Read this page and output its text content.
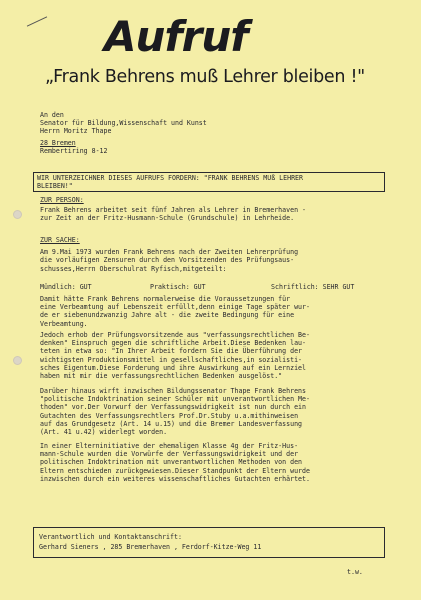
Aufruf
„Frank Behrens muß Lehrer bleiben !"
An den
Senator für Bildung,Wissenschaft und Kunst
Herrn Moritz Thape
28 Bremen
Rembertiring 8-12
WIR UNTERZEICHNER DIESES AUFRUFS FORDERN: "FRANK BEHRENS MUß LEHRER
BLEIBEN!"
ZUR PERSON:
Frank Behrens arbeitet seit fünf Jahren als Lehrer in Bremerhaven -
zur Zeit an der Fritz-Husmann-Schule (Grundschule) in Lehrheide.
ZUR SACHE:
Am 9.Mai 1973 wurden Frank Behrens nach der Zweiten Lehrerprüfung
die vorläufigen Zensuren durch den Vorsitzenden des Prüfungsaus-
schusses,Herrn Oberschulrat Ryfisch,mitgeteilt:

Mündlich: GUT

	Praktisch: GUT

	Schriftlich: SEHR GUT

Damit hätte Frank Behrens normalerweise die Voraussetzungen für
eine Verbeamtung auf Lebenszeit erfüllt,denn einige Tage später wur-
de er siebenundzwanzig Jahre alt - die zweite Bedingung für eine
Verbeamtung.
Jedoch erhob der Prüfungsvorsitzende aus "verfassungsrechtlichen Be-
denken" Einspruch gegen die schriftliche Arbeit.Diese Bedenken lau-
teten in etwa so: "In Ihrer Arbeit fordern Sie die Überführung der
wichtigsten Produktionsmittel in gesellschaftliches,in sozialisti-
sches Eigentum.Diese Forderung und ihre Auswirkung auf ein Lernziel
haben mit mir die verfassungsrechtlichen Bedenken ausgelöst."
Darüber hinaus wirft inzwischen Bildungssenator Thape Frank Behrens
"politische Indoktrination seiner Schüler mit unverantwortlichen Me-
thoden" vor.Der Vorwurf der Verfassungswidrigkeit ist nun durch ein
Gutachten des Verfassungsrechtlers Prof.Dr.Stuby u.a.mithinweisen
auf das Grundgesetz (Art. 14 u.15) und die Bremer Landesverfassung
(Art. 41 u.42) widerlegt worden.
In einer Elterninitiative der ehemaligen Klasse 4g der Fritz-Hus-
mann-Schule wurden die Vorwürfe der Verfassungswidrigkeit und der
politischen Indoktrination mit unverantwortlichen Methoden von den
Eltern entschieden zurückgewiesen.Dieser Standpunkt der Eltern wurde
inzwischen durch ein weiteres wissenschaftliches Gutachten erhärtet.
Verantwortlich und Kontaktanschrift:
Gerhard Sieners , 285 Bremerhaven , Ferdorf-Kitze-Weg 11
t.w.
